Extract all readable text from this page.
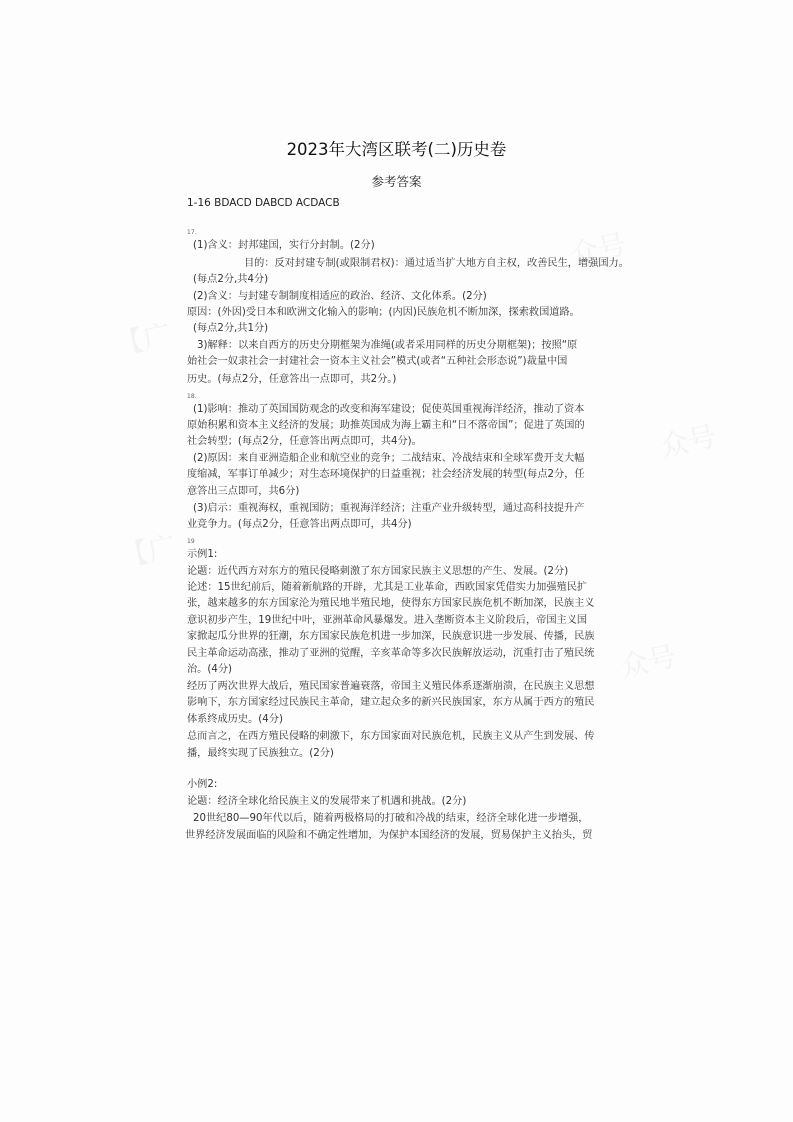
2023年大湾区联考(二)历史卷
参考答案
1-16 BDACD DABCD ACDACB
17.
(1)含义：封邦建国，实行分封制。(2分)
目的：反对封建专制(或限制君权)：通过适当扩大地方自主权，改善民生，增强国力。
(每点2分,共4分)
(2)含义：与封建专制制度相适应的政治、经济、文化体系。(2分)
原因：(外因)受日本和欧洲文化输入的影响；(内因)民族危机不断加深，探索救国道路。
(每点2分,共1分)
3)解释：以来自西方的历史分期框架为准绳(或者采用同样的历史分期框架)；按照“原
始社会一奴隶社会一封建社会一资本主义社会”模式(或者“五种社会形态说”)裁量中国
历史。(每点2分，任意答出一点即可，共2分。)
18.
(1)影响：推动了英国国防观念的改变和海军建设；促使英国重视海洋经济，推动了资本
原始积累和资本主义经济的发展；助推英国成为海上霸主和“日不落帝国”；促进了英国的
社会转型；(每点2分，任意答出两点即可，共4分)。
(2)原因：来自亚洲造船企业和航空业的竞争；二战结束、冷战结束和全球军费开支大幅
度缩减，军事订单减少；对生态环境保护的日益重视；社会经济发展的转型(每点2分，任
意答出三点即可，共6分)
(3)启示：重视海权，重视国防；重视海洋经济；注重产业升级转型，通过高科技提升产
业竞争力。(每点2分，任意答出两点即可，共4分)
19
示例1:
论题：近代西方对东方的殖民侵略刺激了东方国家民族主义思想的产生、发展。(2分)
论述：15世纪前后，随着新航路的开辟，尤其是工业革命，西欧国家凭借实力加强殖民扩
张，越来越多的东方国家沦为殖民地半殖民地，使得东方国家民族危机不断加深，民族主义
意识初步产生，19世纪中叶，亚洲革命风暴爆发。进入垄断资本主义阶段后，帝国主义国
家掀起瓜分世界的狂潮，东方国家民族危机进一步加深，民族意识进一步发展、传播，民族
民主革命运动高涨，推动了亚洲的觉醒，辛亥革命等多次民族解放运动，沉重打击了殖民统
治。(4分)
经历了两次世界大战后，殖民国家普遍衰落，帝国主义殖民体系逐渐崩溃，在民族主义思想
影响下，东方国家经过民族民主革命，建立起众多的新兴民族国家，东方从属于西方的殖民
体系终成历史。(4分)
总而言之，在西方殖民侵略的刺激下，东方国家面对民族危机，民族主义从产生到发展、传
播，最终实现了民族独立。(2分)
小例2:
论题：经济全球化给民族主义的发展带来了机遇和挑战。(2分)
20世纪80—90年代以后，随着两极格局的打破和冷战的结束，经济全球化进一步增强，
世界经济发展面临的风险和不确定性增加，为保护本国经济的发展，贸易保护主义抬头，贸
